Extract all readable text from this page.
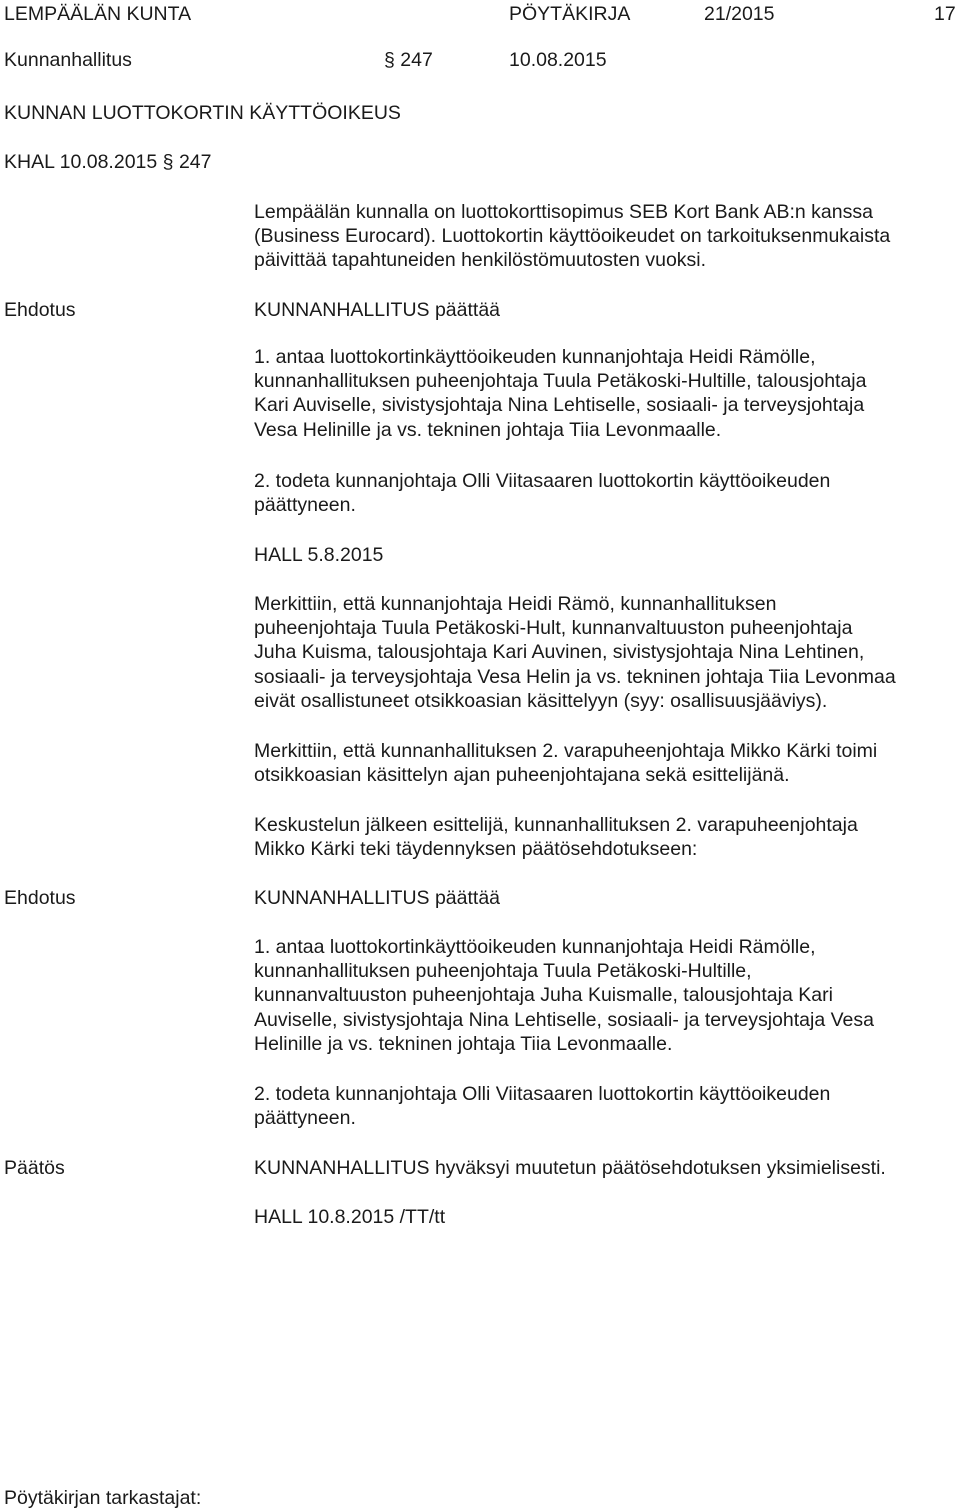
LEMPÄÄLÄN KUNTA	PÖYTÄKIRJA	21/2015	17
Kunnanhallitus	§ 247	10.08.2015
KUNNAN LUOTTOKORTIN KÄYTTÖOIKEUS
KHAL 10.08.2015 § 247
Lempäälän kunnalla on luottokorttisopimus SEB Kort Bank AB:n kanssa
(Business Eurocard). Luottokortin käyttöoikeudet on tarkoituksenmukaista
päivittää tapahtuneiden henkilöstömuutosten vuoksi.
Ehdotus	KUNNANHALLITUS päättää
1. antaa luottokortinkäyttöoikeuden kunnanjohtaja Heidi Rämölle,
kunnanhallituksen puheenjohtaja Tuula Petäkoski-Hultille, talousjohtaja
Kari Auviselle, sivistysjohtaja Nina Lehtiselle, sosiaali- ja terveysjohtaja
Vesa Helinille ja vs. tekninen johtaja Tiia Levonmaalle.
2. todeta kunnanjohtaja Olli Viitasaaren luottokortin käyttöoikeuden
päättyneen.
HALL 5.8.2015
Merkittiin, että kunnanjohtaja Heidi Rämö, kunnanhallituksen
puheenjohtaja Tuula Petäkoski-Hult, kunnanvaltuuston puheenjohtaja
Juha Kuisma, talousjohtaja Kari Auvinen, sivistysjohtaja Nina Lehtinen,
sosiaali- ja terveysjohtaja Vesa Helin ja vs. tekninen johtaja Tiia Levonmaa
eivät osallistuneet otsikkoasian käsittelyyn (syy: osallisuusjääviys).
Merkittiin, että kunnanhallituksen 2. varapuheenjohtaja Mikko Kärki toimi
otsikkoasian käsittelyn ajan puheenjohtajana sekä esittelijänä.
Keskustelun jälkeen esittelijä, kunnanhallituksen 2. varapuheenjohtaja
Mikko Kärki teki täydennyksen päätösehdotukseen:
Ehdotus	KUNNANHALLITUS päättää
1. antaa luottokortinkäyttöoikeuden kunnanjohtaja Heidi Rämölle,
kunnanhallituksen puheenjohtaja Tuula Petäkoski-Hultille,
kunnanvaltuuston puheenjohtaja Juha Kuismalle, talousjohtaja Kari
Auviselle, sivistysjohtaja Nina Lehtiselle, sosiaali- ja terveysjohtaja Vesa
Helinille ja vs. tekninen johtaja Tiia Levonmaalle.
2. todeta kunnanjohtaja Olli Viitasaaren luottokortin käyttöoikeuden
päättyneen.
Päätös	KUNNANHALLITUS hyväksyi muutetun päätösehdotuksen yksimielisesti.
HALL 10.8.2015 /TT/tt
Pöytäkirjan tarkastajat:
